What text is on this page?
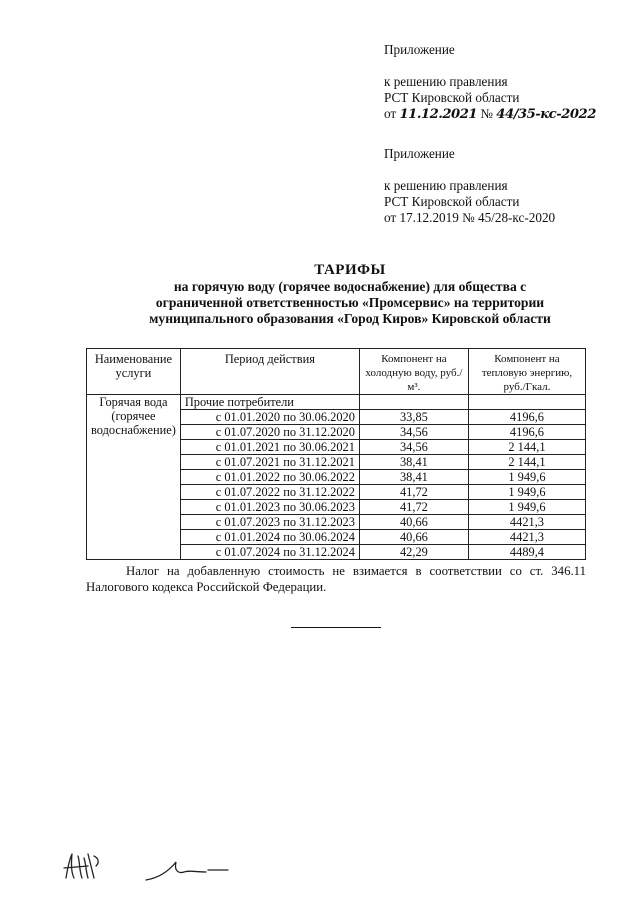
Приложение
к решению правления
РСТ Кировской области
от 11.12.2021 № 44/35-кс-2022
Приложение
к решению правления
РСТ Кировской области
от 17.12.2019 № 45/28-кс-2020
ТАРИФЫ
на горячую воду (горячее водоснабжение) для общества с
ограниченной ответственностью «Промсервис» на территории
муниципального образования «Город Киров» Кировской области
Наименование услуги	Период действия	Компонент на холодную воду, руб./м³.	Компонент на тепловую энергию, руб./Гкал.

Горячая вода
(горячее
водоснабжение)	Прочие потребители		
	с 01.01.2020 по 30.06.2020	33,85	4196,6
	с 01.07.2020 по 31.12.2020	34,56	4196,6
	с 01.01.2021 по 30.06.2021	34,56	2 144,1
	с 01.07.2021 по 31.12.2021	38,41	2 144,1
	с 01.01.2022 по 30.06.2022	38,41	1 949,6
	с 01.07.2022 по 31.12.2022	41,72	1 949,6
	с 01.01.2023 по 30.06.2023	41,72	1 949,6
	с 01.07.2023 по 31.12.2023	40,66	4421,3
	с 01.01.2024 по 30.06.2024	40,66	4421,3
	с 01.07.2024 по 31.12.2024	42,29	4489,4
Налог на добавленную стоимость не взимается в соответствии со ст. 346.11 Налогового кодекса Российской Федерации.
